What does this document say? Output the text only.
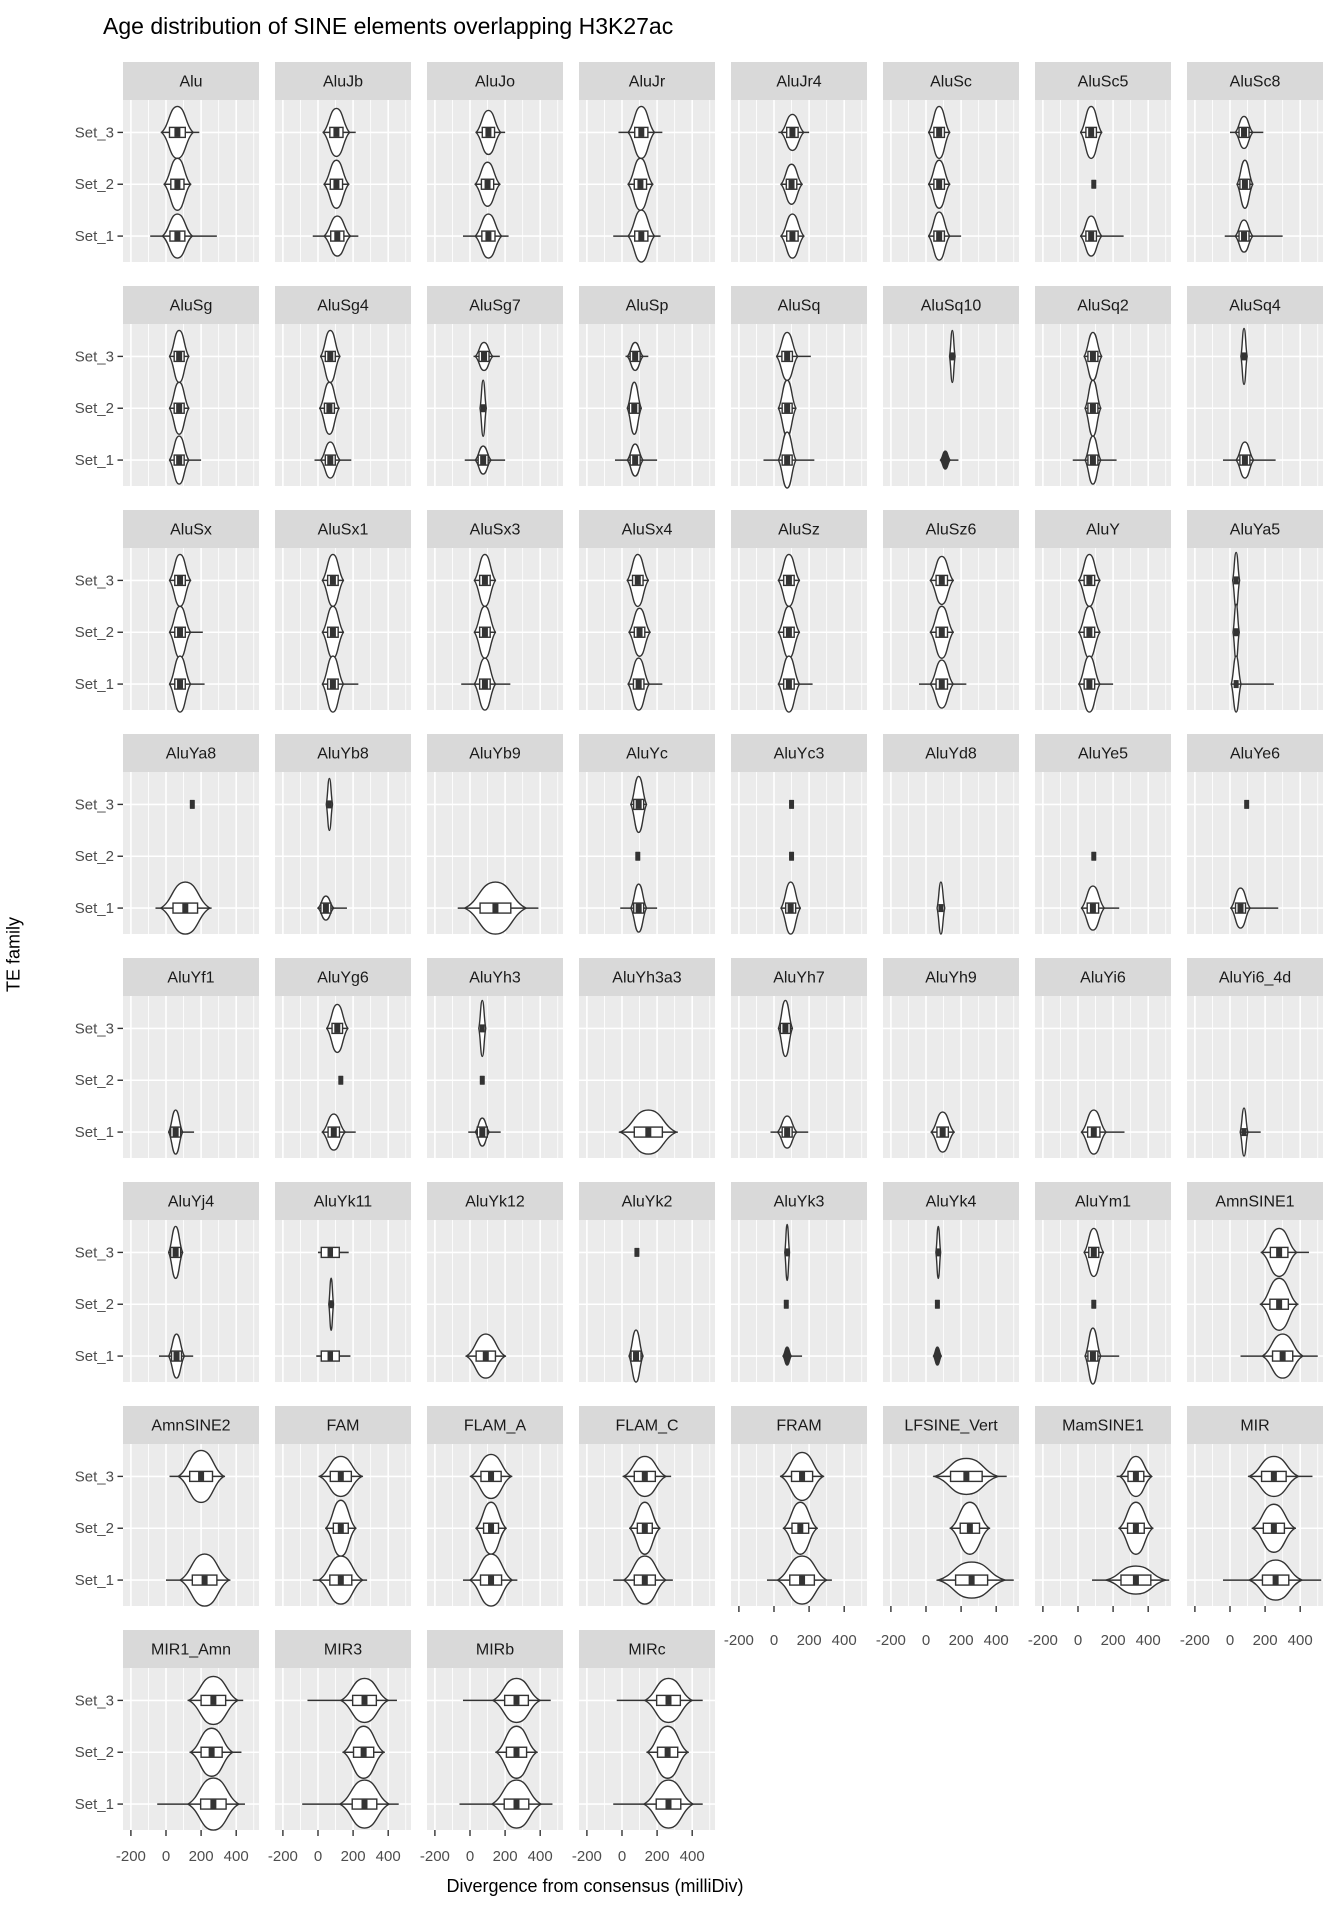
Age distribution of SINE elements overlapping H3K27ac
Alu	AluJb	AluJo	AluJr	AluJr4	AluSc	AluSc5	AluSc8
AluSg	AluSg4	AluSg7	AluSp	AluSq	AluSq10	AluSq2	AluSq4
AluSx	AluSx1	AluSx3	AluSx4	AluSz	AluSz6	AluY	AluYa5
AluYa8	AluYb8	AluYb9	AluYc	AluYc3	AluYd8	AluYe5	AluYe6
AluYf1	AluYg6	AluYh3	AluYh3a3	AluYh7	AluYh9	AluYi6	AluYi6_4d
AluYj4	AluYk11	AluYk12	AluYk2	AluYk3	AluYk4	AluYm1	AmnSINE1
AmnSINE2	FAM	FLAM_A	FLAM_C	FRAM	LFSINE_Vert	MamSINE1	MIR
MIR1_Amn	MIR3	MIRb	MIRc
Set_3
Set_2
Set_1
Set_3
Set_2
Set_1
Set_3
Set_2
Set_1
Set_3
Set_2
Set_1
Set_3
Set_2
Set_1
Set_3
Set_2
Set_1
Set_3
Set_2
Set_1
Set_3
Set_2
Set_1
-200 0 200 400 -200 0 200 400 -200 0 200 400 -200 0 200 400
-200 0 200 400 -200 0 200 400 -200 0 200 400 -200 0 200 400
TE family
Divergence from consensus (milliDiv)
